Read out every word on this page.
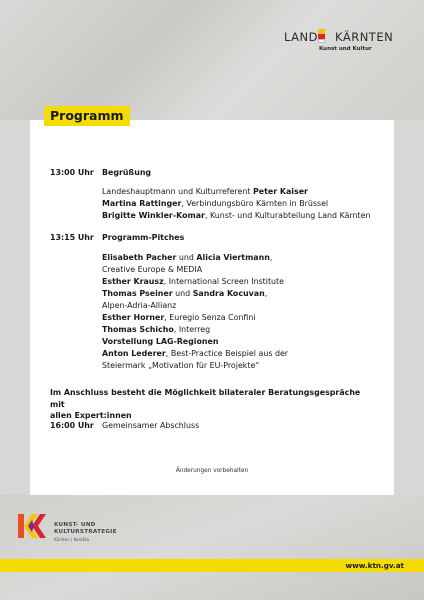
LAND KÄRNTEN
Kunst und Kultur
Programm
13:00 Uhr Begrüßung
Landeshauptmann und Kulturreferent Peter Kaiser
Martina Rattinger, Verbindungsbüro Kärnten in Brüssel
Brigitte Winkler-Komar, Kunst- und Kulturabteilung Land Kärnten
13:15 Uhr Programm-Pitches
Elisabeth Pacher und Alicia Viertmann,
Creative Europe & MEDIA
Esther Krausz, International Screen Institute
Thomas Pseiner und Sandra Kocuvan,
Alpen-Adria-Allianz
Esther Horner, Euregio Senza Confini
Thomas Schicho, Interreg
Vorstellung LAG-Regionen
Anton Lederer, Best-Practice Beispiel aus der
Steiermark „Motivation für EU-Projekte“
Im Anschluss besteht die Möglichkeit bilateraler Beratungsgespräche mit
allen Expert:innen
16:00 Uhr Gemeinsamer Abschluss
Änderungen vorbehalten
KUNST- UND
KULTURSTRATEGIE
Kärnten | Koroška
www.ktn.gv.at
